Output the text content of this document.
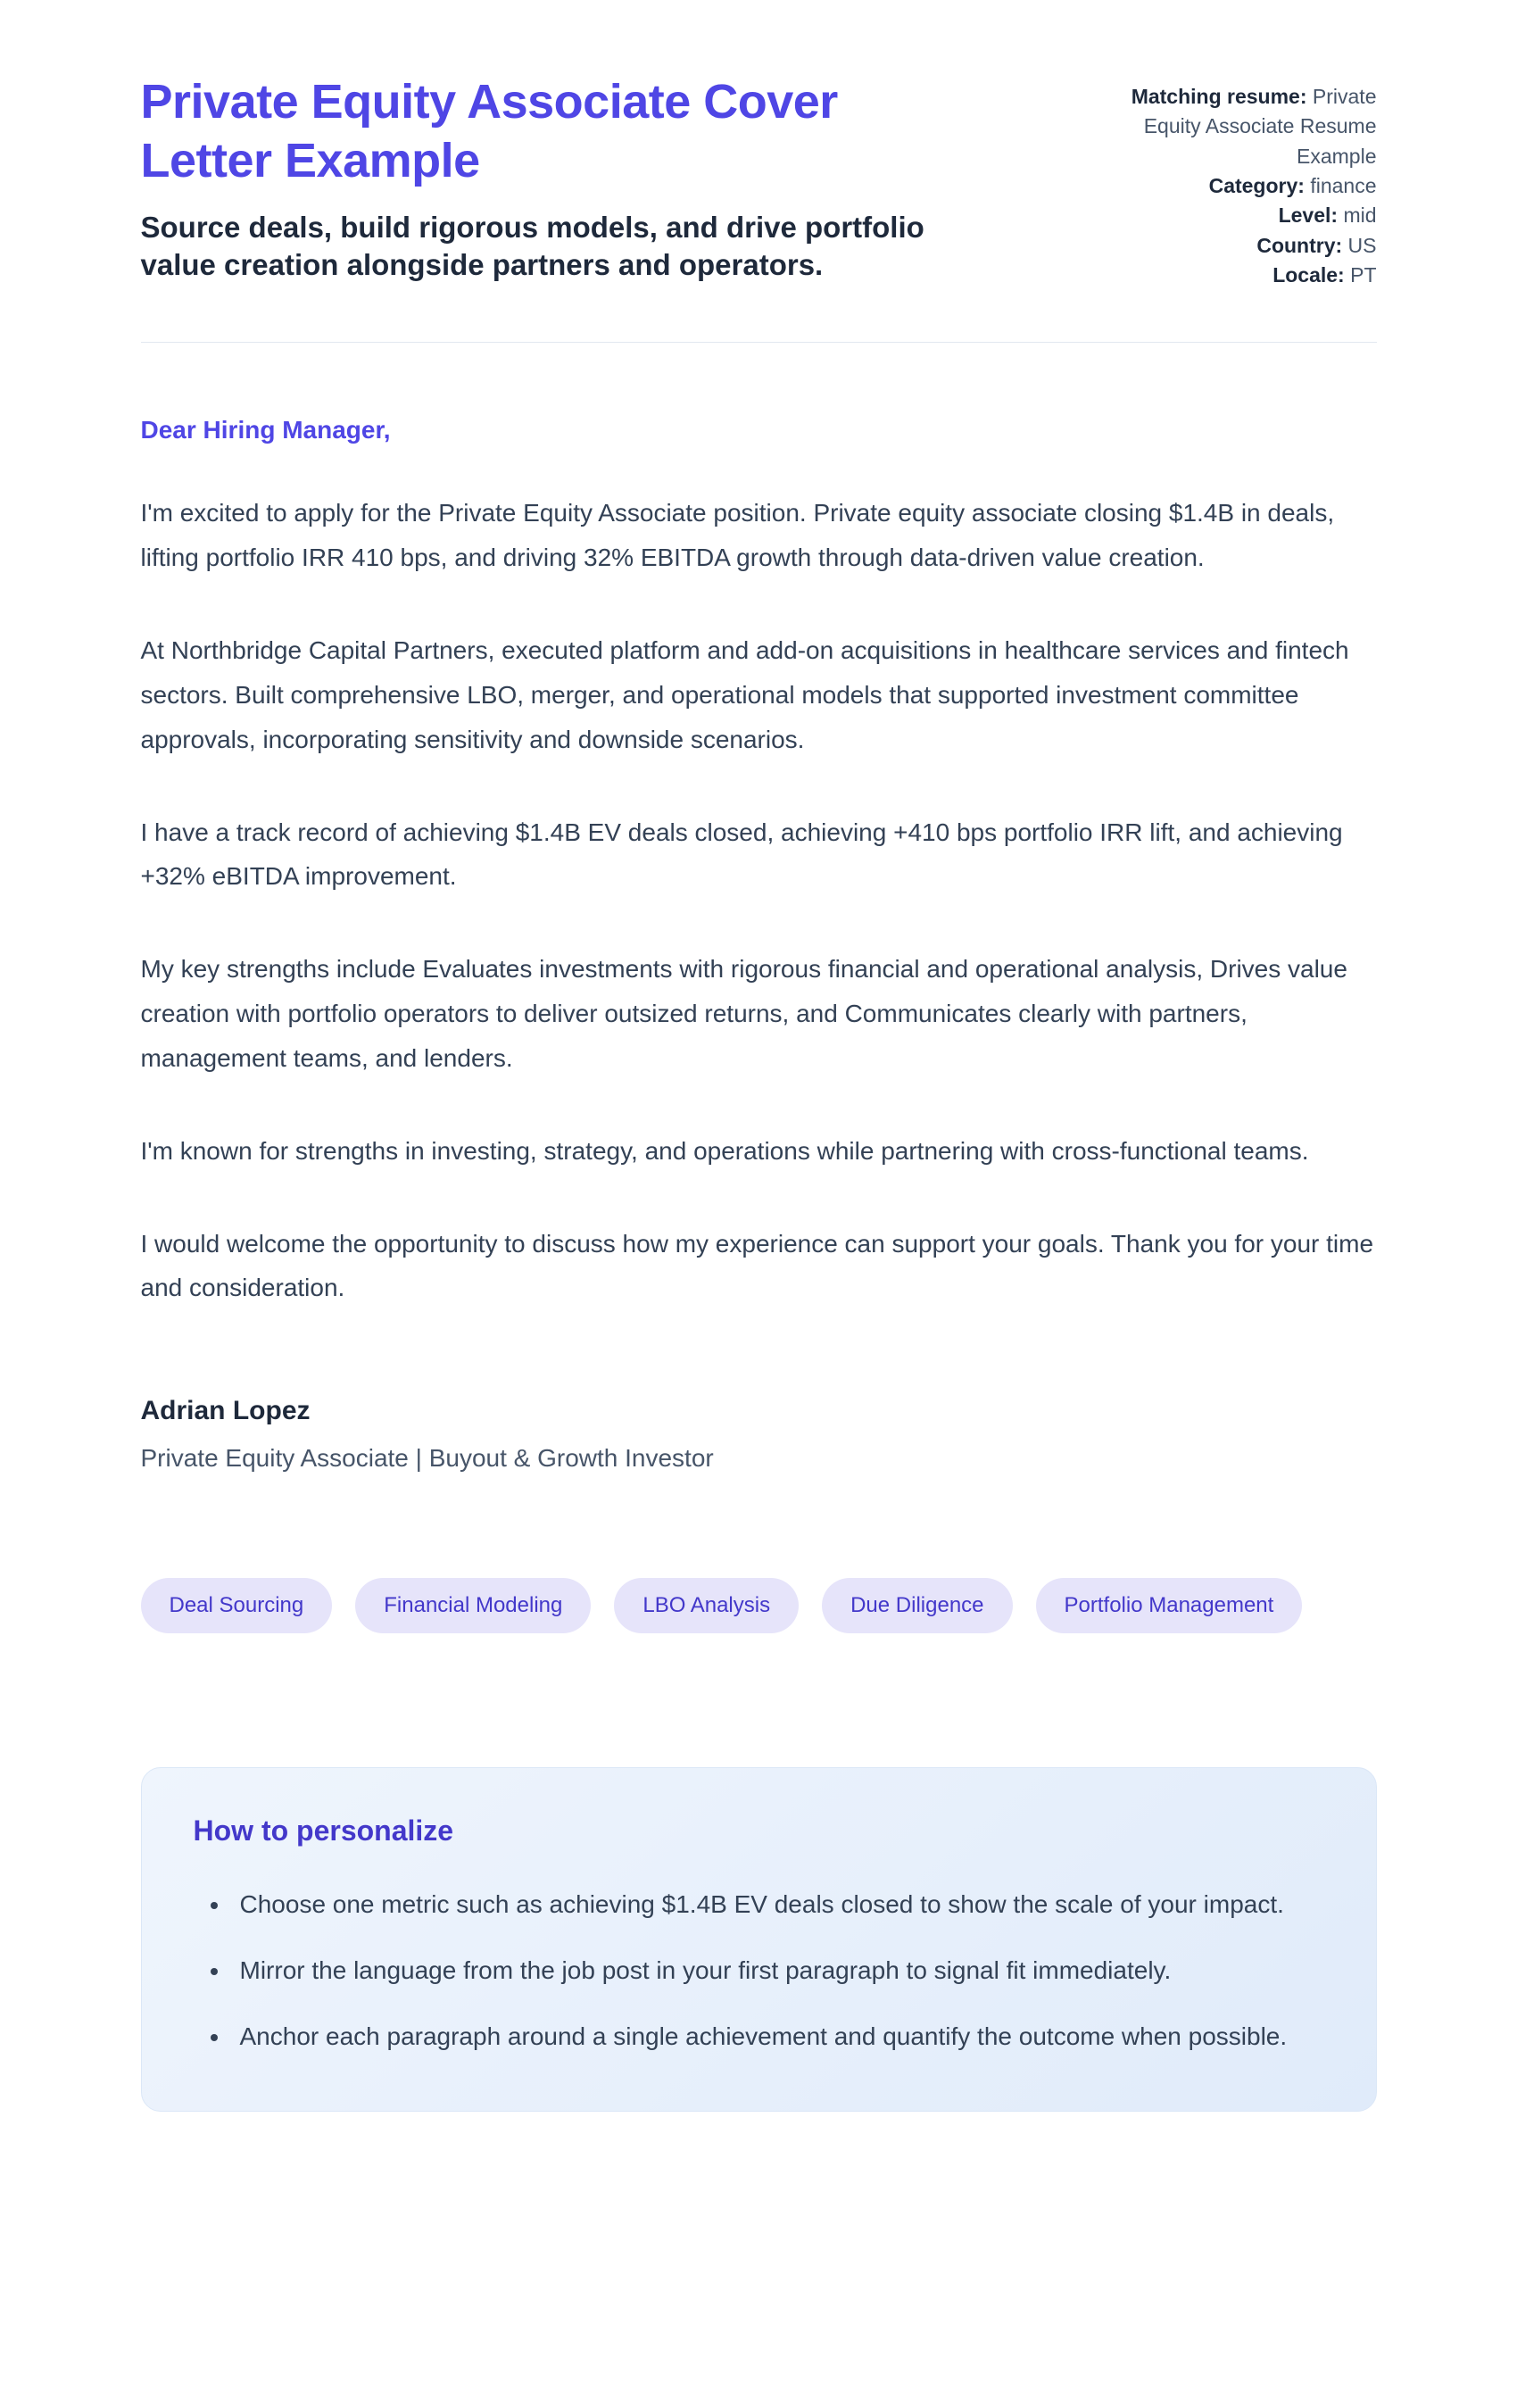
Private Equity Associate Cover Letter Example
Source deals, build rigorous models, and drive portfolio value creation alongside partners and operators.
Matching resume: Private Equity Associate Resume Example
Category: finance
Level: mid
Country: US
Locale: PT
Dear Hiring Manager,

I'm excited to apply for the Private Equity Associate position. Private equity associate closing $1.4B in deals, lifting portfolio IRR 410 bps, and driving 32% EBITDA growth through data-driven value creation.

At Northbridge Capital Partners, executed platform and add-on acquisitions in healthcare services and fintech sectors. Built comprehensive LBO, merger, and operational models that supported investment committee approvals, incorporating sensitivity and downside scenarios.

I have a track record of achieving $1.4B EV deals closed, achieving +410 bps portfolio IRR lift, and achieving +32% eBITDA improvement.

My key strengths include Evaluates investments with rigorous financial and operational analysis, Drives value creation with portfolio operators to deliver outsized returns, and Communicates clearly with partners, management teams, and lenders.

I'm known for strengths in investing, strategy, and operations while partnering with cross-functional teams.

I would welcome the opportunity to discuss how my experience can support your goals. Thank you for your time and consideration.

Adrian Lopez
Private Equity Associate | Buyout & Growth Investor
Deal Sourcing	Financial Modeling	LBO Analysis	Due Diligence	Portfolio Management
How to personalize
• Choose one metric such as achieving $1.4B EV deals closed to show the scale of your impact.
• Mirror the language from the job post in your first paragraph to signal fit immediately.
• Anchor each paragraph around a single achievement and quantify the outcome when possible.
